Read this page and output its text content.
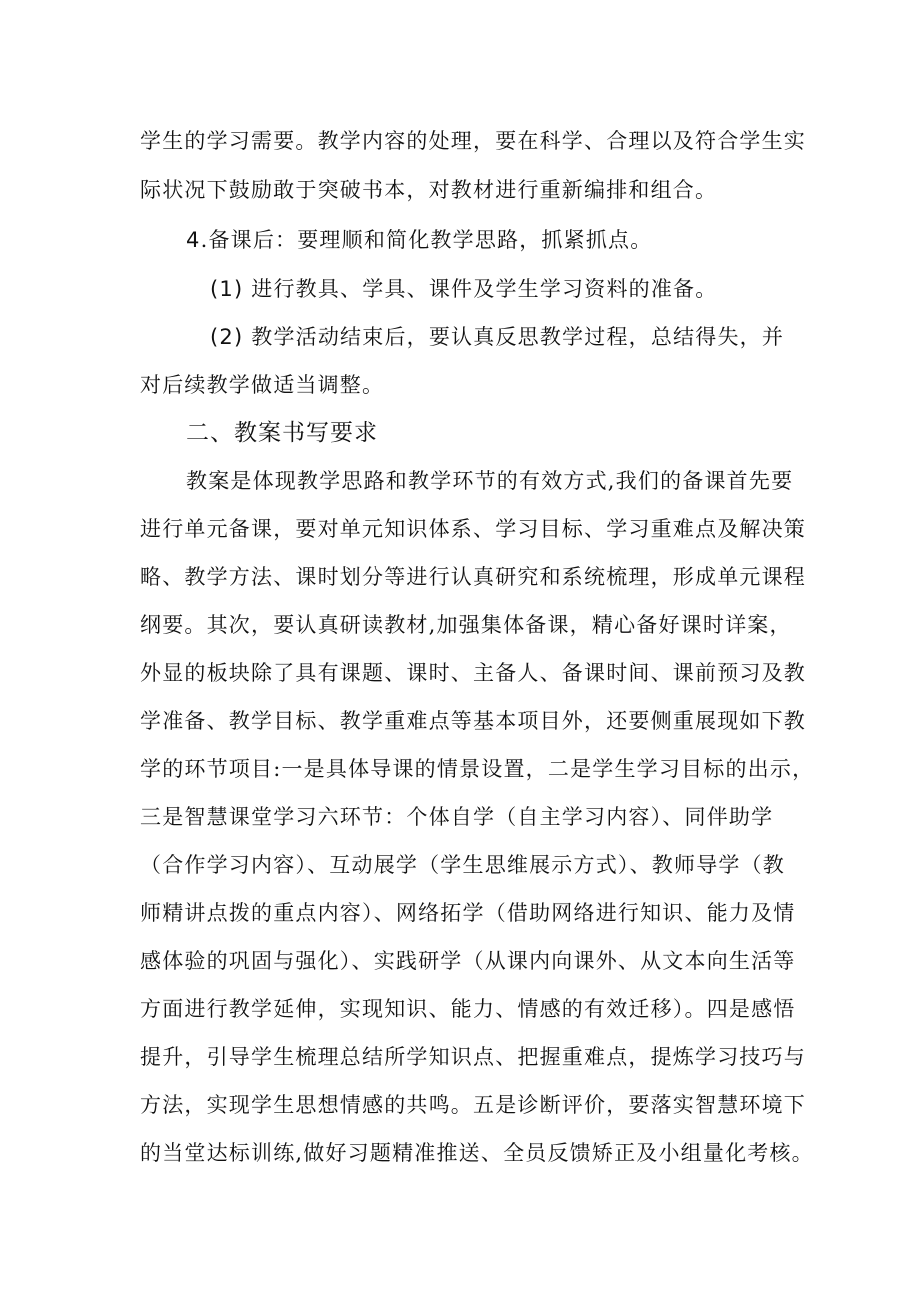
学生的学习需要。教学内容的处理，要在科学、合理以及符合学生实
际状况下鼓励敢于突破书本，对教材进行重新编排和组合。
4.备课后：要理顺和简化教学思路，抓紧抓点。
(1) 进行教具、学具、课件及学生学习资料的准备。
(2) 教学活动结束后，要认真反思教学过程，总结得失，并
对后续教学做适当调整。
二、教案书写要求
教案是体现教学思路和教学环节的有效方式,我们的备课首先要
进行单元备课，要对单元知识体系、学习目标、学习重难点及解决策
略、教学方法、课时划分等进行认真研究和系统梳理，形成单元课程
纲要。其次，要认真研读教材,加强集体备课，精心备好课时详案，
外显的板块除了具有课题、课时、主备人、备课时间、课前预习及教
学准备、教学目标、教学重难点等基本项目外，还要侧重展现如下教
学的环节项目:一是具体导课的情景设置，二是学生学习目标的出示，
三是智慧课堂学习六环节：个体自学（自主学习内容）、同伴助学
（合作学习内容）、互动展学（学生思维展示方式）、教师导学（教
师精讲点拨的重点内容）、网络拓学（借助网络进行知识、能力及情
感体验的巩固与强化）、实践研学（从课内向课外、从文本向生活等
方面进行教学延伸，实现知识、能力、情感的有效迁移）。四是感悟
提升，引导学生梳理总结所学知识点、把握重难点，提炼学习技巧与
方法，实现学生思想情感的共鸣。五是诊断评价，要落实智慧环境下
的当堂达标训练,做好习题精准推送、全员反馈矫正及小组量化考核。
